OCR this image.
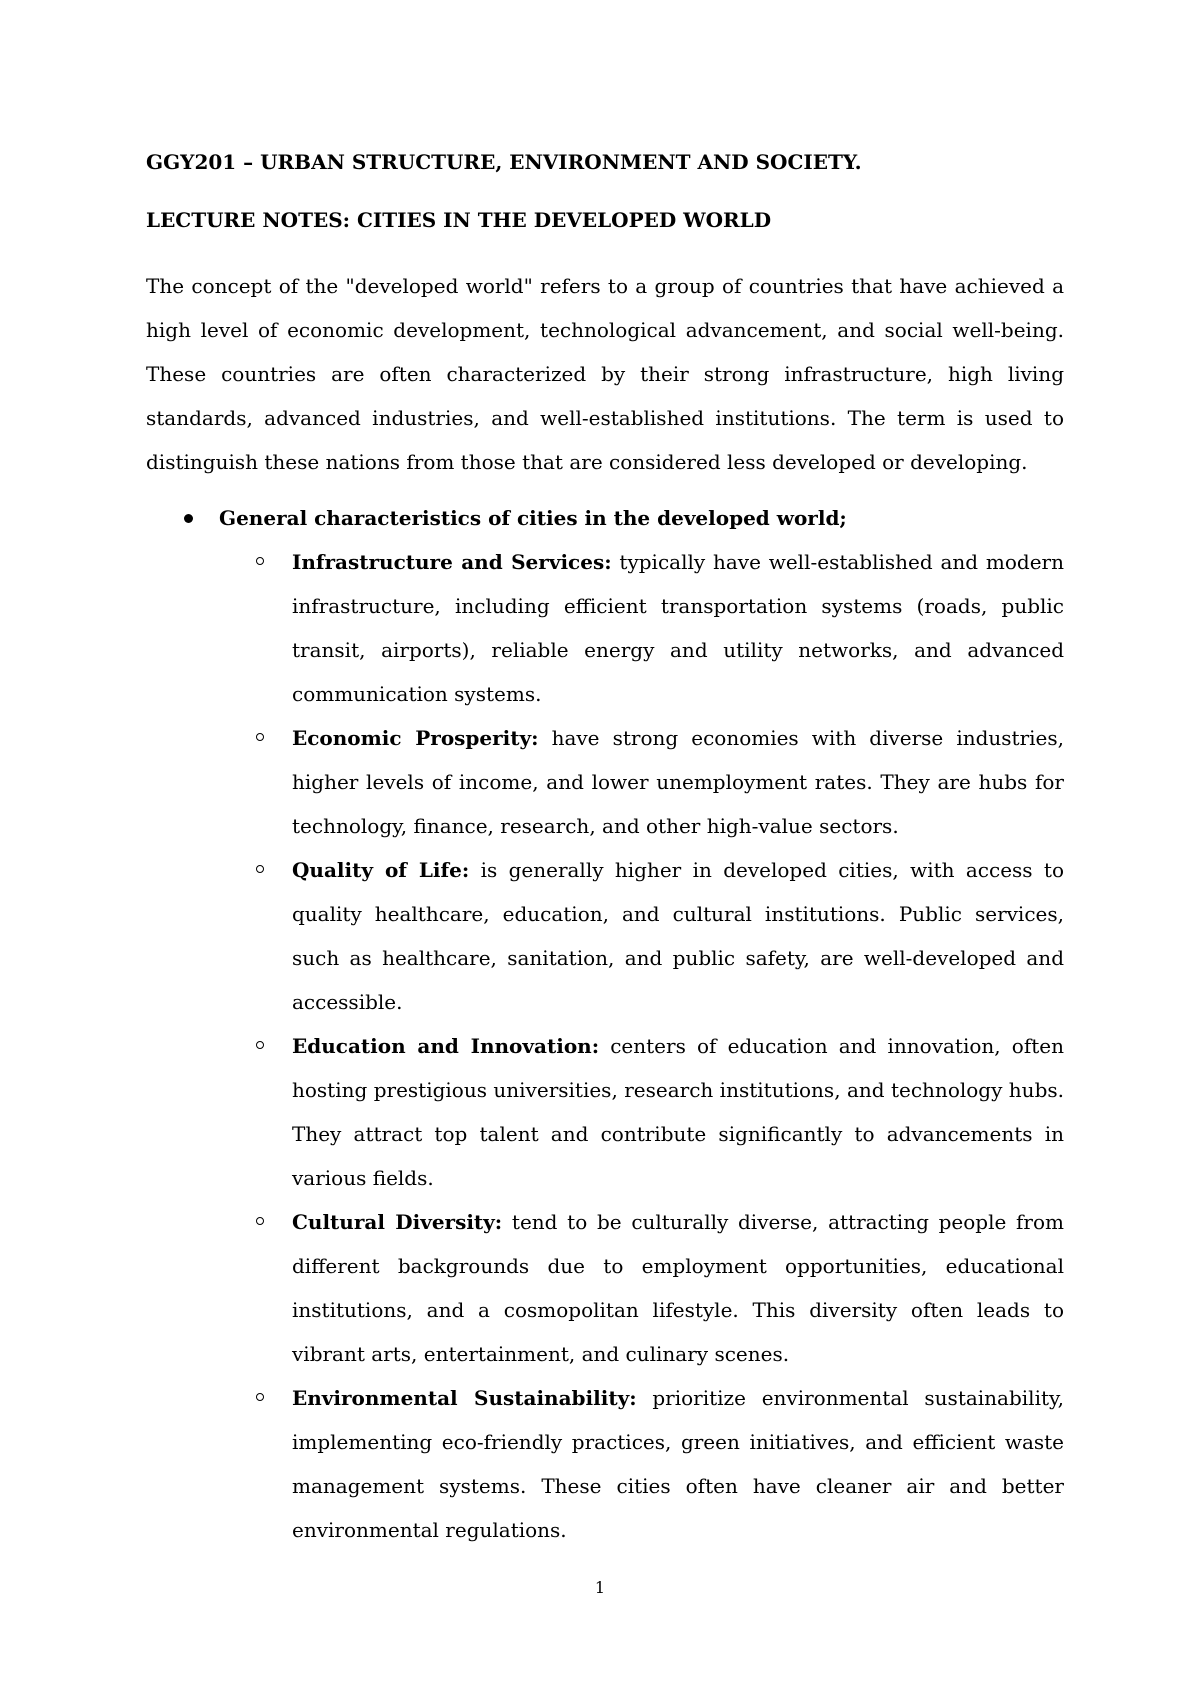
GGY201 – URBAN STRUCTURE, ENVIRONMENT AND SOCIETY.
LECTURE NOTES: CITIES IN THE DEVELOPED WORLD

The concept of the "developed world" refers to a group of countries that have achieved a high level of economic development, technological advancement, and social well-being. These countries are often characterized by their strong infrastructure, high living standards, advanced industries, and well-established institutions. The term is used to distinguish these nations from those that are considered less developed or developing.

General characteristics of cities in the developed world;
Infrastructure and Services: typically have well-established and modern infrastructure, including efficient transportation systems (roads, public transit, airports), reliable energy and utility networks, and advanced communication systems.
Economic Prosperity: have strong economies with diverse industries, higher levels of income, and lower unemployment rates. They are hubs for technology, finance, research, and other high-value sectors.
Quality of Life: is generally higher in developed cities, with access to quality healthcare, education, and cultural institutions. Public services, such as healthcare, sanitation, and public safety, are well-developed and accessible.
Education and Innovation: centers of education and innovation, often hosting prestigious universities, research institutions, and technology hubs. They attract top talent and contribute significantly to advancements in various fields.
Cultural Diversity: tend to be culturally diverse, attracting people from different backgrounds due to employment opportunities, educational institutions, and a cosmopolitan lifestyle. This diversity often leads to vibrant arts, entertainment, and culinary scenes.
Environmental Sustainability: prioritize environmental sustainability, implementing eco-friendly practices, green initiatives, and efficient waste management systems. These cities often have cleaner air and better environmental regulations.
1
